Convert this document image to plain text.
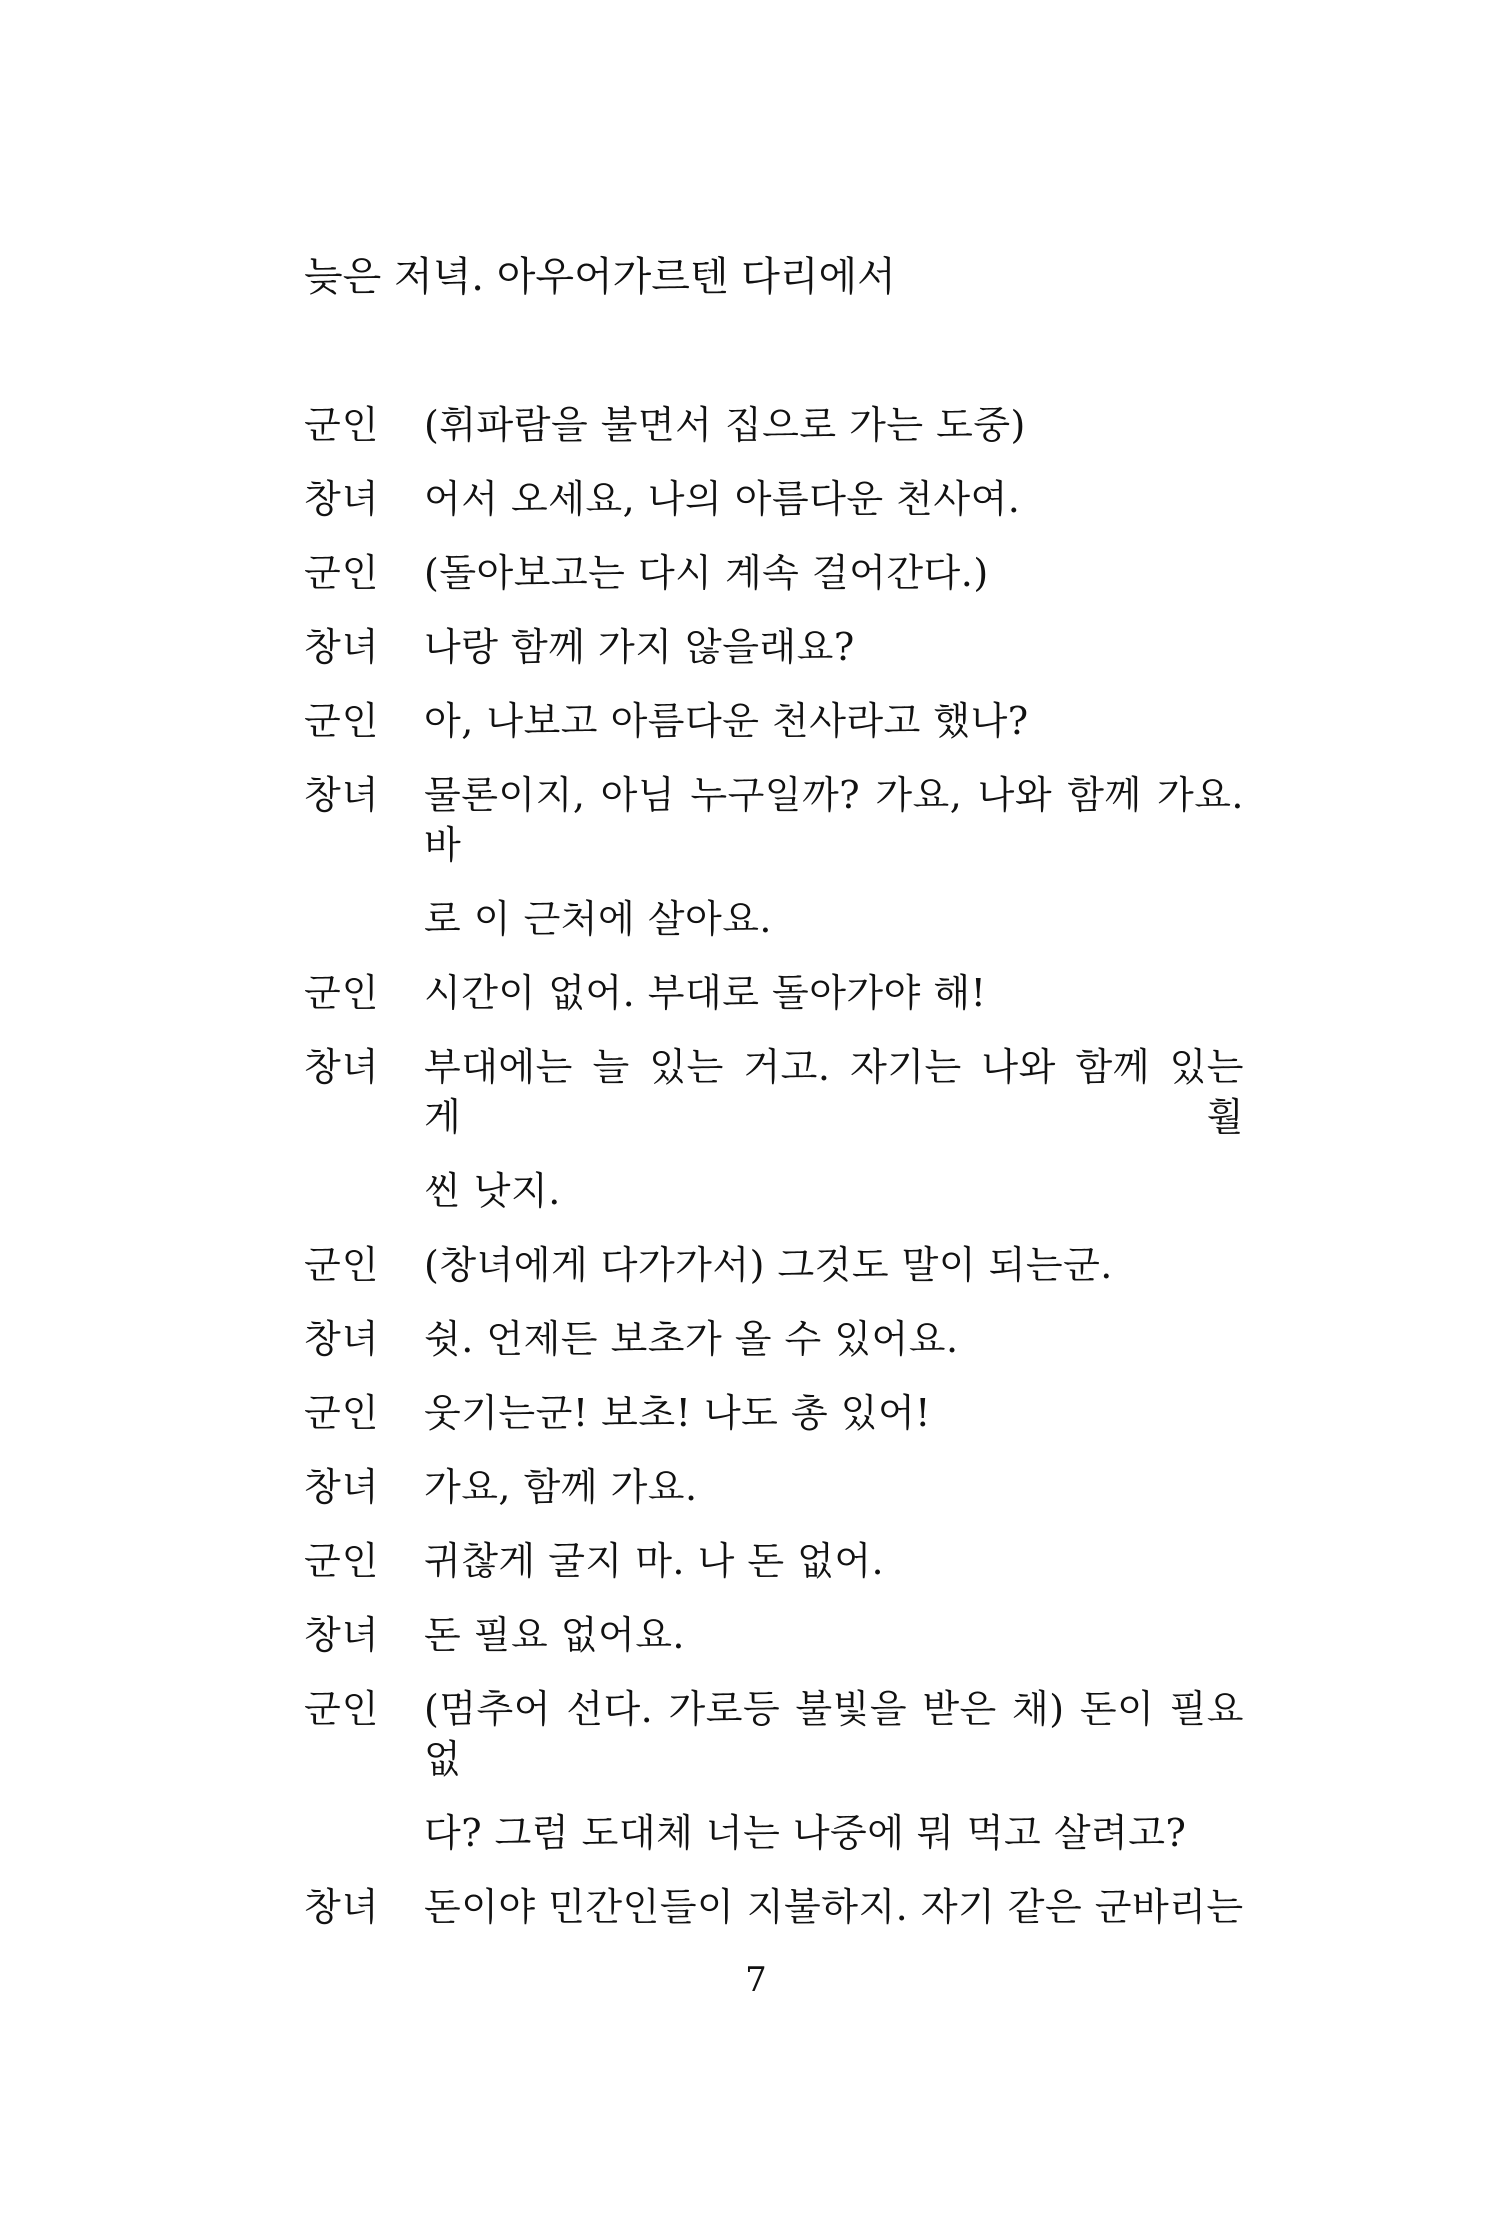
늦은 저녁. 아우어가르텐 다리에서

군인	(휘파람을 불면서 집으로 가는 도중)
창녀	어서 오세요, 나의 아름다운 천사여.
군인	(돌아보고는 다시 계속 걸어간다.)
창녀	나랑 함께 가지 않을래요?
군인	아, 나보고 아름다운 천사라고 했나?
창녀	물론이지, 아님 누구일까? 가요, 나와 함께 가요. 바
로 이 근처에 살아요.
군인	시간이 없어. 부대로 돌아가야 해!
창녀	부대에는 늘 있는 거고. 자기는 나와 함께 있는 게 훨
씬 낫지.
군인	(창녀에게 다가가서) 그것도 말이 되는군.
창녀	쉿. 언제든 보초가 올 수 있어요.
군인	웃기는군! 보초! 나도 총 있어!
창녀	가요, 함께 가요.
군인	귀찮게 굴지 마. 나 돈 없어.
창녀	돈 필요 없어요.
군인	(멈추어 선다. 가로등 불빛을 받은 채) 돈이 필요 없
다? 그럼 도대체 너는 나중에 뭐 먹고 살려고?
창녀	돈이야 민간인들이 지불하지. 자기 같은 군바리는
7
